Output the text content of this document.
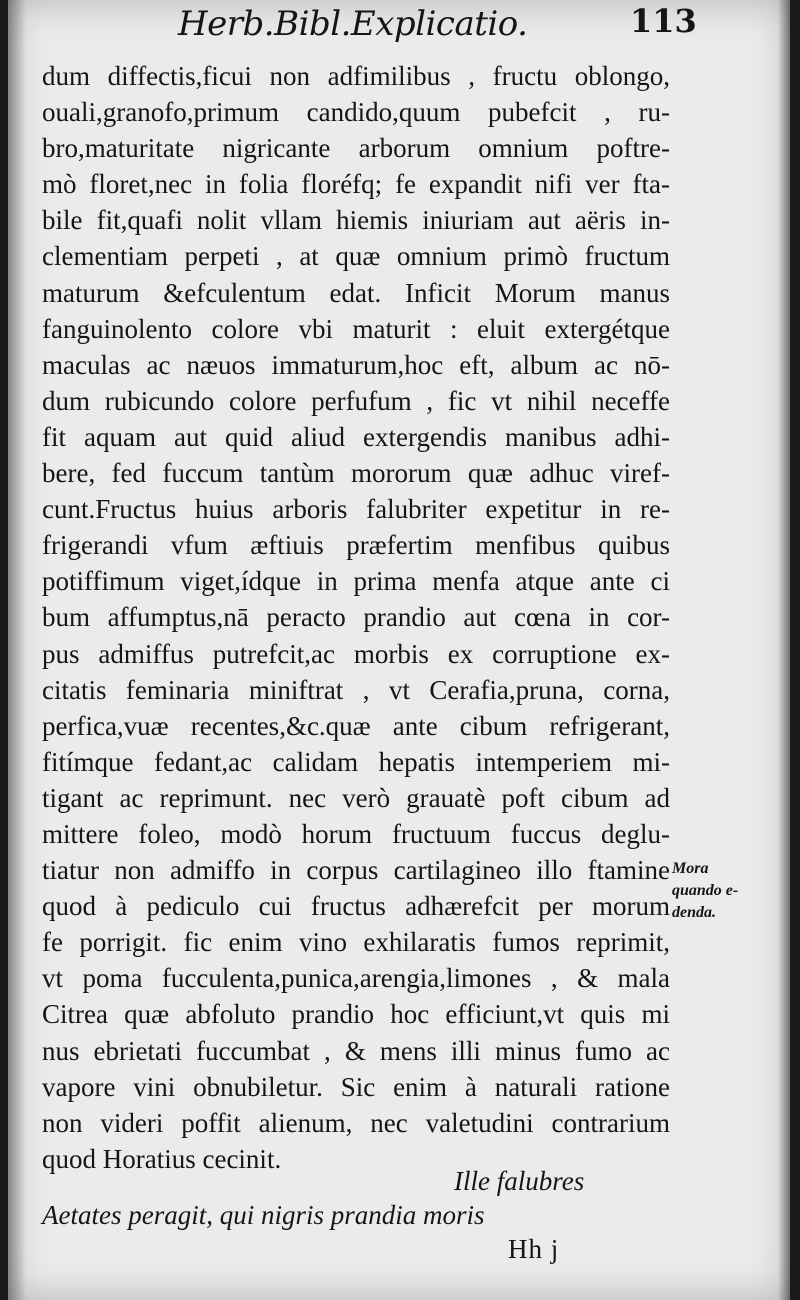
Herb.Bibl.Explicatio.	113
dum diffectis,ficui non adfimilibus , fructu oblongo,
ouali,granofo,primum candido,quum pubefcit , ru-
bro,maturitate nigricante arborum omnium poftre-
mò floret,nec in folia floréfq; fe expandit nifi ver fta-
bile fit,quafi nolit vllam hiemis iniuriam aut aëris in-
clementiam perpeti , at quæ omnium primò fructum
maturum &efculentum edat. Inficit Morum manus
fanguinolento colore vbi maturit : eluit extergétque
maculas ac næuos immaturum,hoc eft, album ac nō-
dum rubicundo colore perfufum , fic vt nihil neceffe
fit aquam aut quid aliud extergendis manibus adhi-
bere, fed fuccum tantùm mororum quæ adhuc viref-
cunt.Fructus huius arboris falubriter expetitur in re-
frigerandi vfum æftiuis præfertim menfibus quibus
potiffimum viget,ídque in prima menfa atque ante ci
bum affumptus,nā peracto prandio aut cœna in cor-
pus admiffus putrefcit,ac morbis ex corruptione ex-
citatis feminaria miniftrat , vt Cerafia,pruna, corna,
perfica,vuæ recentes,&c.quæ ante cibum refrigerant,
fitímque fedant,ac calidam hepatis intemperiem mi-
tigant ac reprimunt. nec verò grauatè poft cibum ad
mittere foleo, modò horum fructuum fuccus deglu-
tiatur non admiffo in corpus cartilagineo illo ftamine
quod à pediculo cui fructus adhærefcit per morum
fe porrigit. fic enim vino exhilaratis fumos reprimit,
vt poma fucculenta,punica,arengia,limones , & mala
Citrea quæ abfoluto prandio hoc efficiunt,vt quis mi
nus ebrietati fuccumbat , & mens illi minus fumo ac
vapore vini obnubiletur. Sic enim à naturali ratione
non videri poffit alienum, nec valetudini contrarium
quod Horatius cecinit.
Mora
quando e-
denda.
Ille falubres
Aetates peragit, qui nigris prandia moris
Hh j
